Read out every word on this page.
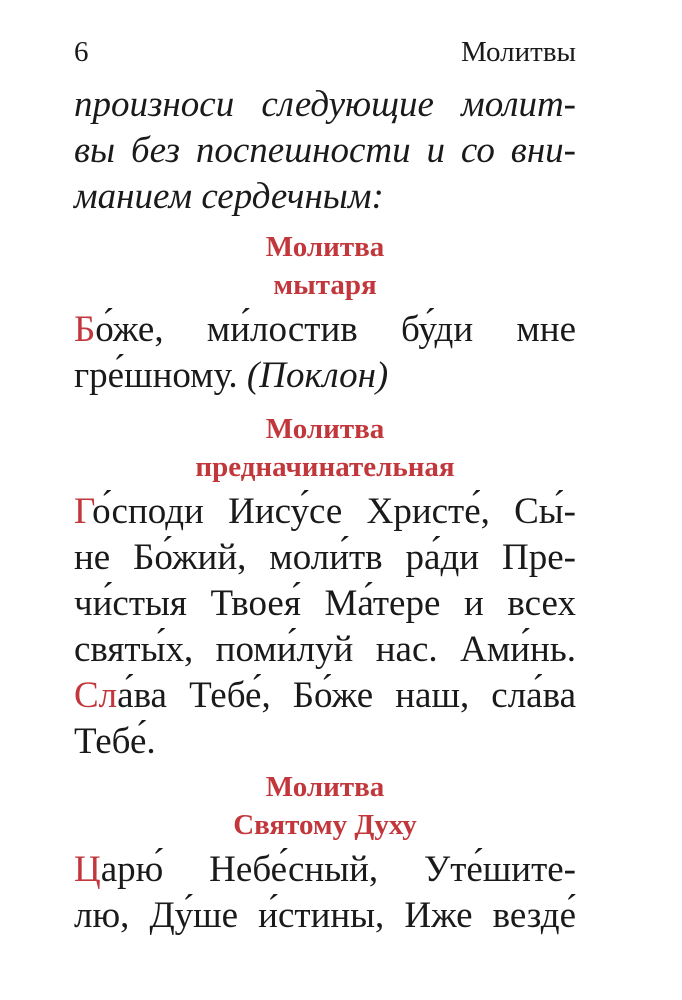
6	Молитвы
произноси следующие молит-
вы без поспешности и со вни-
манием сердечным:
Молитва
мытаря
Бо́же, ми́лостив бу́ди мне
гре́шному. (Поклон)
Молитва
предначинательная
Го́споди Иису́се Христе́, Сы́-
не Бо́жий, моли́тв ра́ди Пре-
чи́стыя Твоея́ Ма́тере и всех
святы́х, поми́луй нас. Ами́нь.
Сла́ва Тебе́, Бо́же наш, сла́ва
Тебе́.
Молитва
Святому Духу
Царю́ Небе́сный, Уте́шите-
лю, Ду́ше и́стины, Иже везде́
